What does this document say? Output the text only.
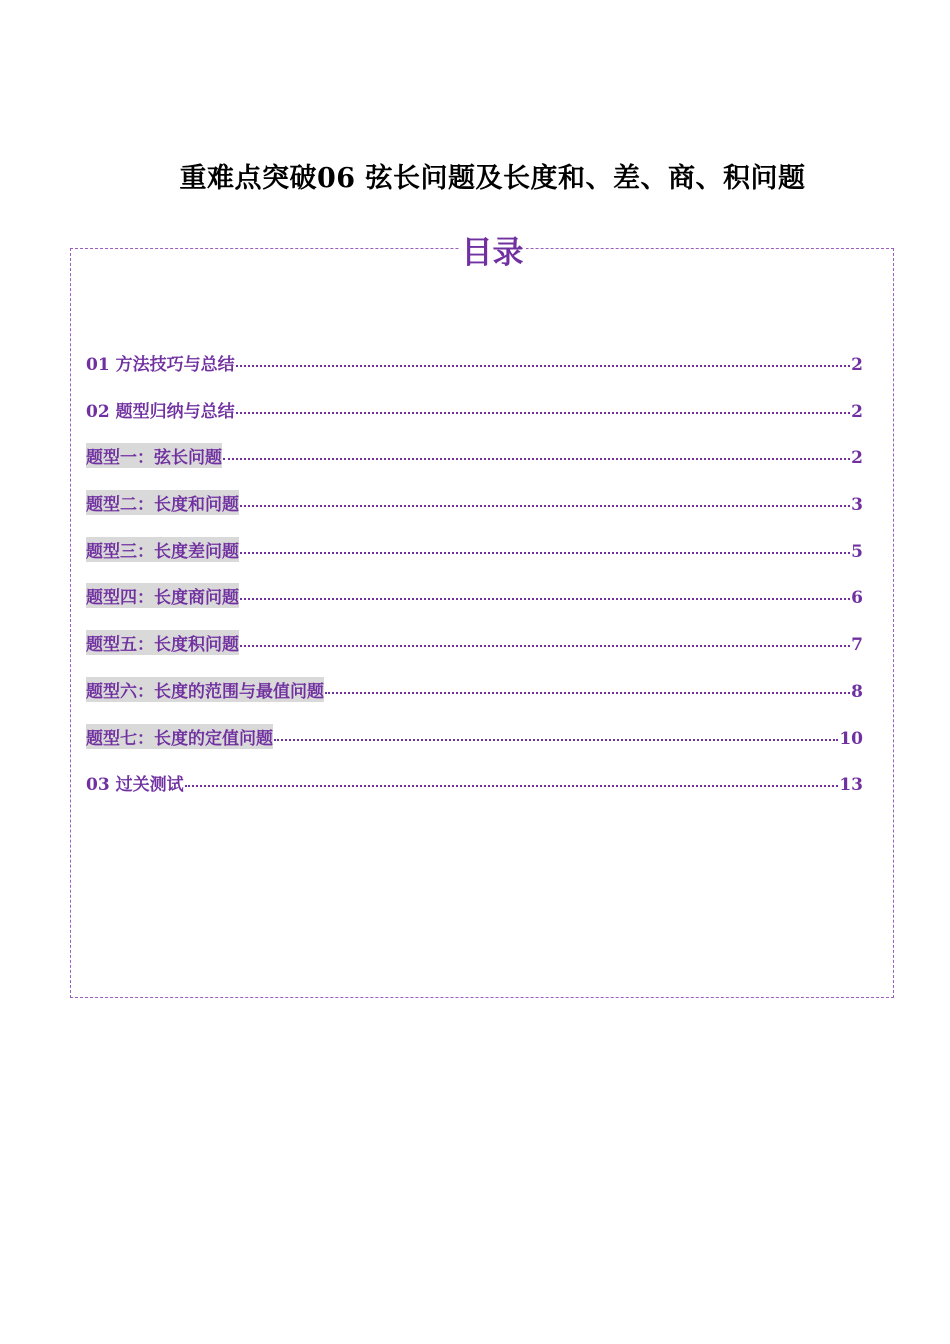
重难点突破06 弦长问题及长度和、差、商、积问题
目录
01 方法技巧与总结	2
02 题型归纳与总结	2
题型一：弦长问题	2
题型二：长度和问题	3
题型三：长度差问题	5
题型四：长度商问题	6
题型五：长度积问题	7
题型六：长度的范围与最值问题	8
题型七：长度的定值问题	10
03 过关测试	13
